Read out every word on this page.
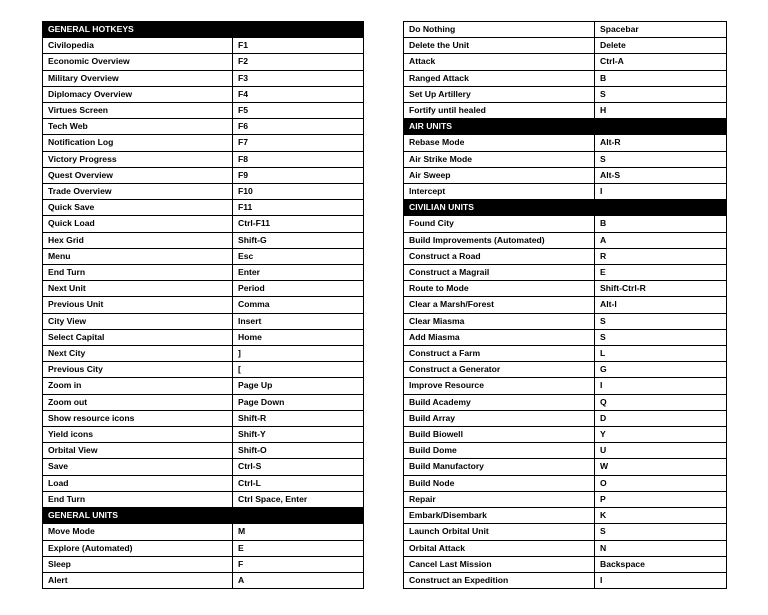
GENERAL HOTKEYS	
Civilopedia	F1
Economic Overview	F2
Military Overview	F3
Diplomacy Overview	F4
Virtues Screen	F5
Tech Web	F6
Notification Log	F7
Victory Progress	F8
Quest Overview	F9
Trade Overview	F10
Quick Save	F11
Quick Load	Ctrl-F11
Hex Grid	Shift-G
Menu	Esc
End Turn	Enter
Next Unit	Period
Previous Unit	Comma
City View	Insert
Select Capital	Home
Next City	]
Previous City	[
Zoom in	Page Up
Zoom out	Page Down
Show resource icons	Shift-R
Yield icons	Shift-Y
Orbital View	Shift-O
Save	Ctrl-S
Load	Ctrl-L
End Turn	Ctrl Space, Enter
GENERAL UNITS	
Move Mode	M
Explore (Automated)	E
Sleep	F
Alert	A
Do Nothing	Spacebar
Delete the Unit	Delete
Attack	Ctrl-A
Ranged Attack	B
Set Up Artillery	S
Fortify until healed	H
AIR UNITS	
Rebase Mode	Alt-R
Air Strike Mode	S
Air Sweep	Alt-S
Intercept	I
CIVILIAN UNITS	
Found City	B
Build Improvements (Automated)	A
Construct a Road	R
Construct a Magrail	E
Route to Mode	Shift-Ctrl-R
Clear a Marsh/Forest	Alt-I
Clear Miasma	S
Add Miasma	S
Construct a Farm	L
Construct a Generator	G
Improve Resource	I
Build Academy	Q
Build Array	D
Build Biowell	Y
Build Dome	U
Build Manufactory	W
Build Node	O
Repair	P
Embark/Disembark	K
Launch Orbital Unit	S
Orbital Attack	N
Cancel Last Mission	Backspace
Construct an Expedition	I
